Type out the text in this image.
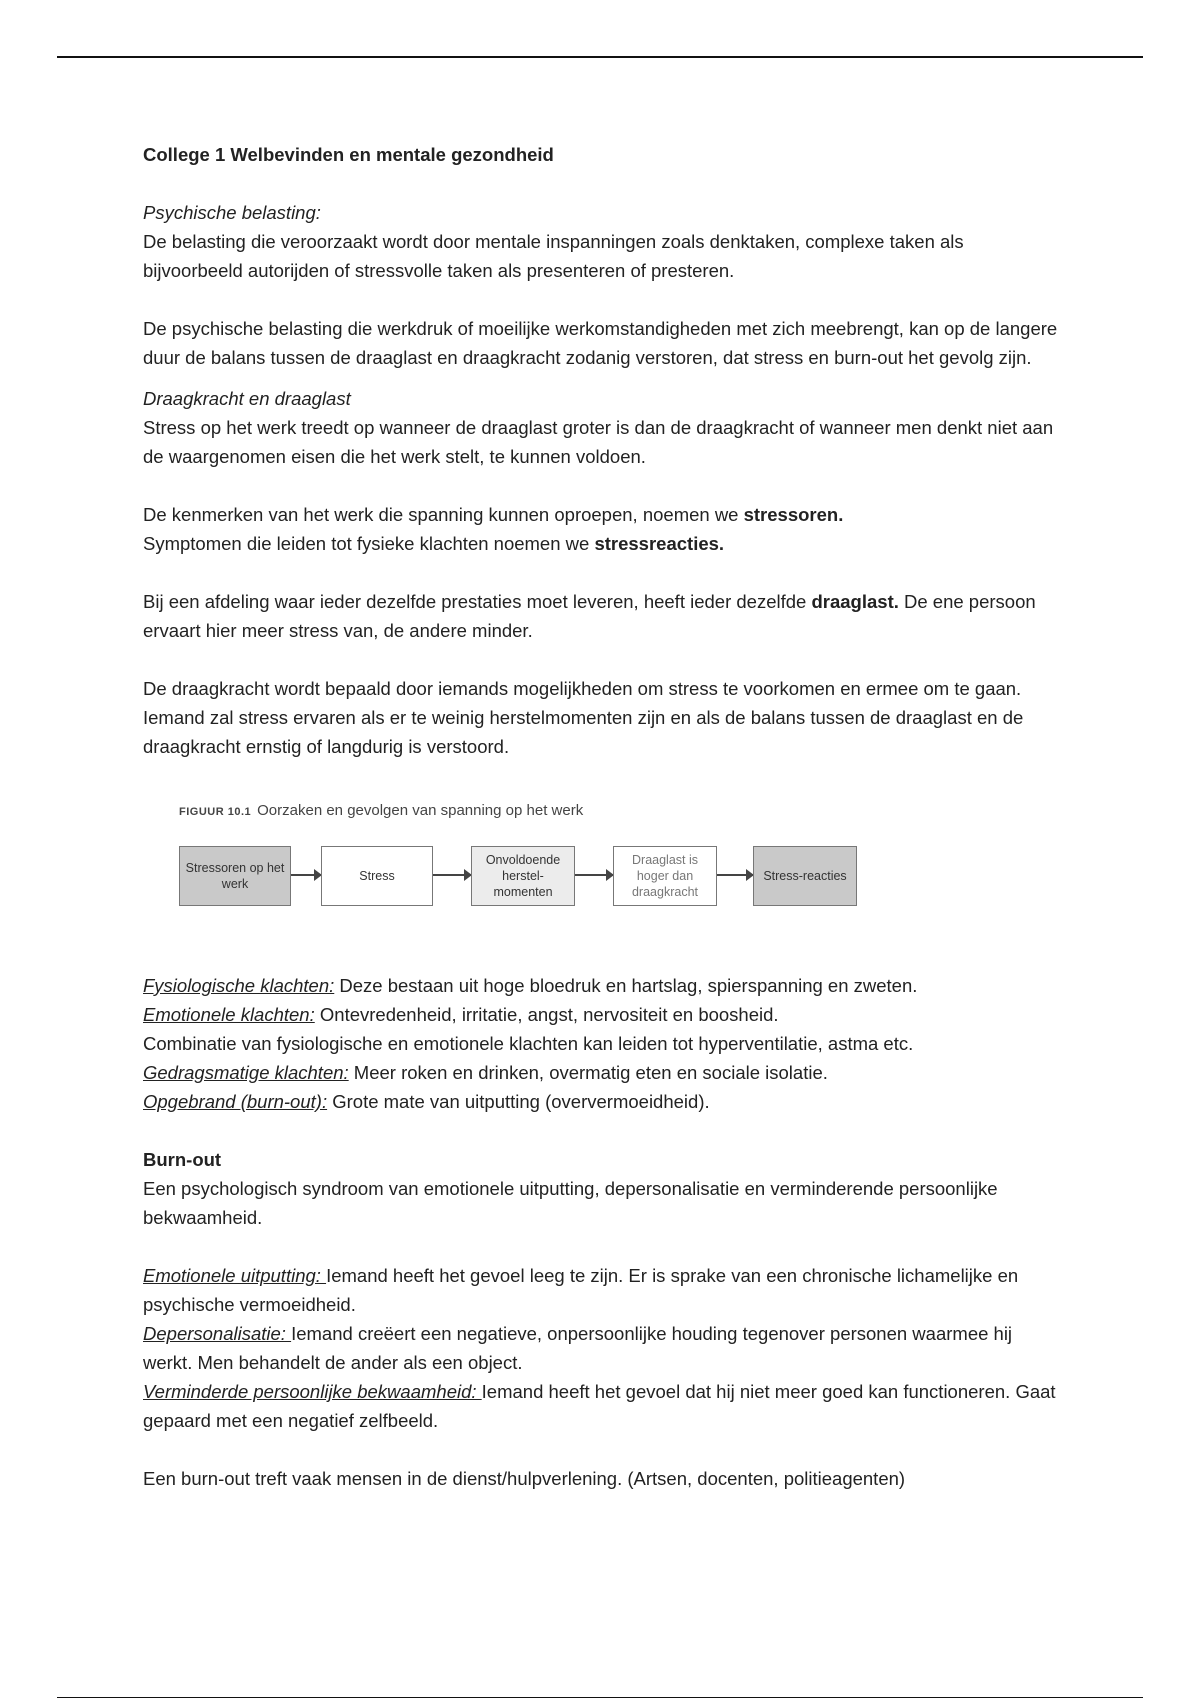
College 1 Welbevinden en mentale gezondheid

Psychische belasting:

De belasting die veroorzaakt wordt door mentale inspanningen zoals denktaken, complexe taken als bijvoorbeeld autorijden of stressvolle taken als presenteren of presteren.

De psychische belasting die werkdruk of moeilijke werkomstandigheden met zich meebrengt, kan op de langere duur de balans tussen de draaglast en draagkracht zodanig verstoren, dat stress en burn-out het gevolg zijn.

Draagkracht en draaglast

Stress op het werk treedt op wanneer de draaglast groter is dan de draagkracht of wanneer men denkt niet aan de waargenomen eisen die het werk stelt, te kunnen voldoen.

De kenmerken van het werk die spanning kunnen oproepen, noemen we stressoren.

Symptomen die leiden tot fysieke klachten noemen we stressreacties.

Bij een afdeling waar ieder dezelfde prestaties moet leveren, heeft ieder dezelfde draaglast. De ene persoon ervaart hier meer stress van, de andere minder.

De draagkracht wordt bepaald door iemands mogelijkheden om stress te voorkomen en ermee om te gaan. Iemand zal stress ervaren als er te weinig herstelmomenten zijn en als de balans tussen de draaglast en de draagkracht ernstig of langdurig is verstoord.

FIGUUR 10.1 Oorzaken en gevolgen van spanning op het werk
Stressoren op het werk
Stress
Onvoldoende herstel-momenten
Draaglast is hoger dan draagkracht
Stress-reacties

Fysiologische klachten: Deze bestaan uit hoge bloedruk en hartslag, spierspanning en zweten.

Emotionele klachten: Ontevredenheid, irritatie, angst, nervositeit en boosheid.

Combinatie van fysiologische en emotionele klachten kan leiden tot hyperventilatie, astma etc.

Gedragsmatige klachten: Meer roken en drinken, overmatig eten en sociale isolatie.

Opgebrand (burn-out): Grote mate van uitputting (oververmoeidheid).

Burn-out

Een psychologisch syndroom van emotionele uitputting, depersonalisatie en verminderende persoonlijke bekwaamheid.

Emotionele uitputting: Iemand heeft het gevoel leeg te zijn. Er is sprake van een chronische lichamelijke en psychische vermoeidheid.

Depersonalisatie: Iemand creëert een negatieve, onpersoonlijke houding tegenover personen waarmee hij werkt. Men behandelt de ander als een object.

Verminderde persoonlijke bekwaamheid: Iemand heeft het gevoel dat hij niet meer goed kan functioneren. Gaat gepaard met een negatief zelfbeeld.

Een burn-out treft vaak mensen in de dienst/hulpverlening. (Artsen, docenten, politieagenten)
